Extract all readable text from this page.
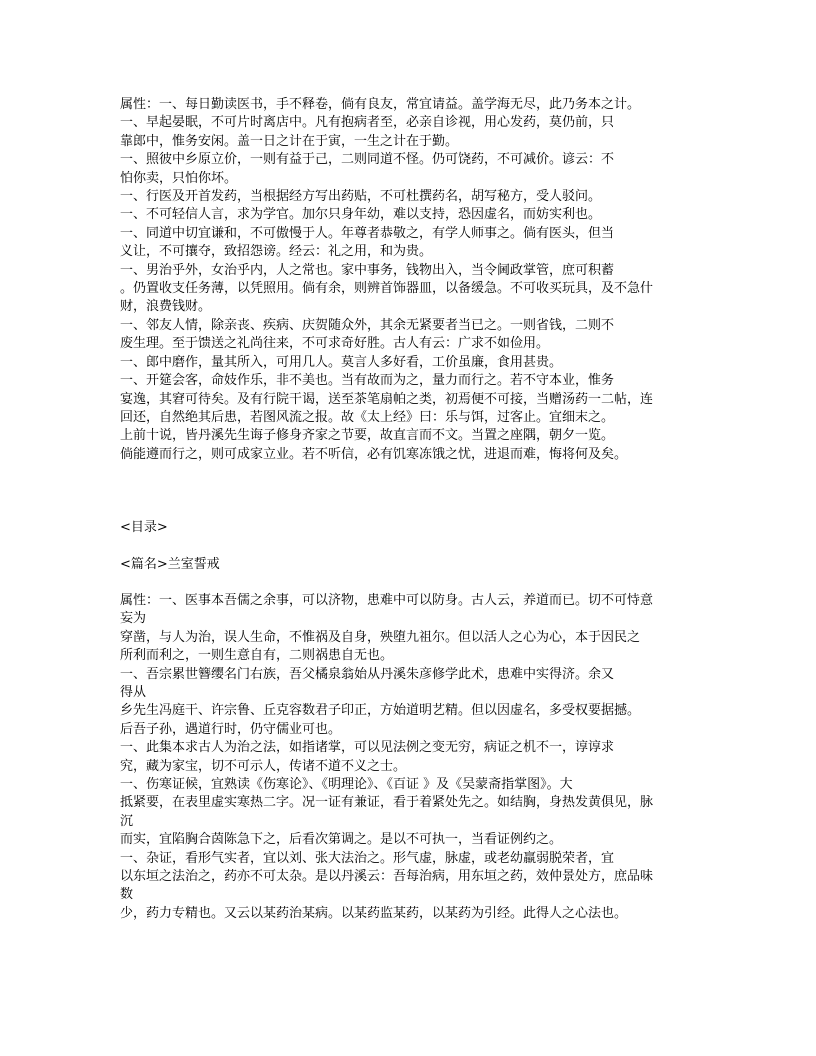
属性：一、每日勤读医书，手不释卷，倘有良友，常宜请益。盖学海无尽，此乃务本之计。

一、早起晏眠，不可片时离店中。凡有抱病者至，必亲自诊视，用心发药，莫仍前，只

靠郎中，惟务安闲。盖一日之计在于寅，一生之计在于勤。

一、照彼中乡原立价，一则有益于己，二则同道不怪。仍可饶药，不可减价。谚云：不

怕你卖，只怕你坏。

一、行医及开首发药，当根据经方写出药贴，不可杜撰药名，胡写秘方，受人驳问。

一、不可轻信人言，求为学官。加尔只身年幼，难以支持，恐因虚名，而妨实利也。

一、同道中切宜谦和，不可傲慢于人。年尊者恭敬之，有学人师事之。倘有医头，但当

义让，不可攘夺，致招怨谤。经云：礼之用，和为贵。

一、男治乎外，女治乎内，人之常也。家中事务，钱物出入，当令阃政掌管，庶可积蓄

。仍置收支任务薄，以凭照用。倘有余，则辨首饰器皿，以备缓急。不可收买玩具，及不急什

财，浪费钱财。

一、邻友人情，除亲丧、疾病、庆贺随众外，其余无紧要者当已之。一则省钱，二则不

废生理。至于馈送之礼尚往来，不可求奇好胜。古人有云：广求不如俭用。

一、郎中磨作，量其所入，可用几人。莫言人多好看，工价虽廉，食用甚贵。

一、开筵会客，命妓作乐，非不美也。当有故而为之，量力而行之。若不守本业，惟务

宴逸，其窘可待矣。及有行院干谒，送至茶笔扇帕之类，初焉便不可接，当赠汤药一二帖，连

回还，自然绝其后患，若图风流之报。故《太上经》曰：乐与饵，过客止。宜细末之。

上前十说，皆丹溪先生诲子修身齐家之节要，故直言而不文。当置之座隅，朝夕一览。

倘能遵而行之，则可成家立业。若不听信，必有饥寒冻饿之忧，进退而难，悔将何及矣。

<目录>

<篇名>兰室誓戒

属性：一、医事本吾儒之余事，可以济物，患难中可以防身。古人云，养道而已。切不可恃意

妄为

穿凿，与人为治，误人生命，不惟祸及自身，殃堕九祖尔。但以活人之心为心，本于因民之

所利而利之，一则生意自有，二则祸患自无也。

一、吾宗累世簪缨名门右族，吾父橘泉翁始从丹溪朱彦修学此术，患难中实得济。余又

得从

乡先生冯庭干、许宗鲁、丘克容数君子印正，方始道明艺精。但以因虚名，多受权要据撼。

后吾子孙，遇道行时，仍守儒业可也。

一、此集本求古人为治之法，如指诸掌，可以见法例之变无穷，病证之机不一，谆谆求

究，藏为家宝，切不可示人，传诸不道不义之士。

一、伤寒证候，宜熟读《伤寒论》、《明理论》、《百证 》及《吴蒙斋指掌图》。大

抵紧要，在表里虚实寒热二字。况一证有兼证，看于着紧处先之。如结胸，身热发黄俱见，脉

沉

而实，宜陷胸合茵陈急下之，后看次第调之。是以不可执一，当看证例约之。

一、杂证，看形气实者，宜以刘、张大法治之。形气虚，脉虚，或老幼羸弱脱荣者，宜

以东垣之法治之，药亦不可太杂。是以丹溪云：吾每治病，用东垣之药，效仲景处方，庶品味

数

少，药力专精也。又云以某药治某病。以某药监某药，以某药为引经。此得人之心法也。
